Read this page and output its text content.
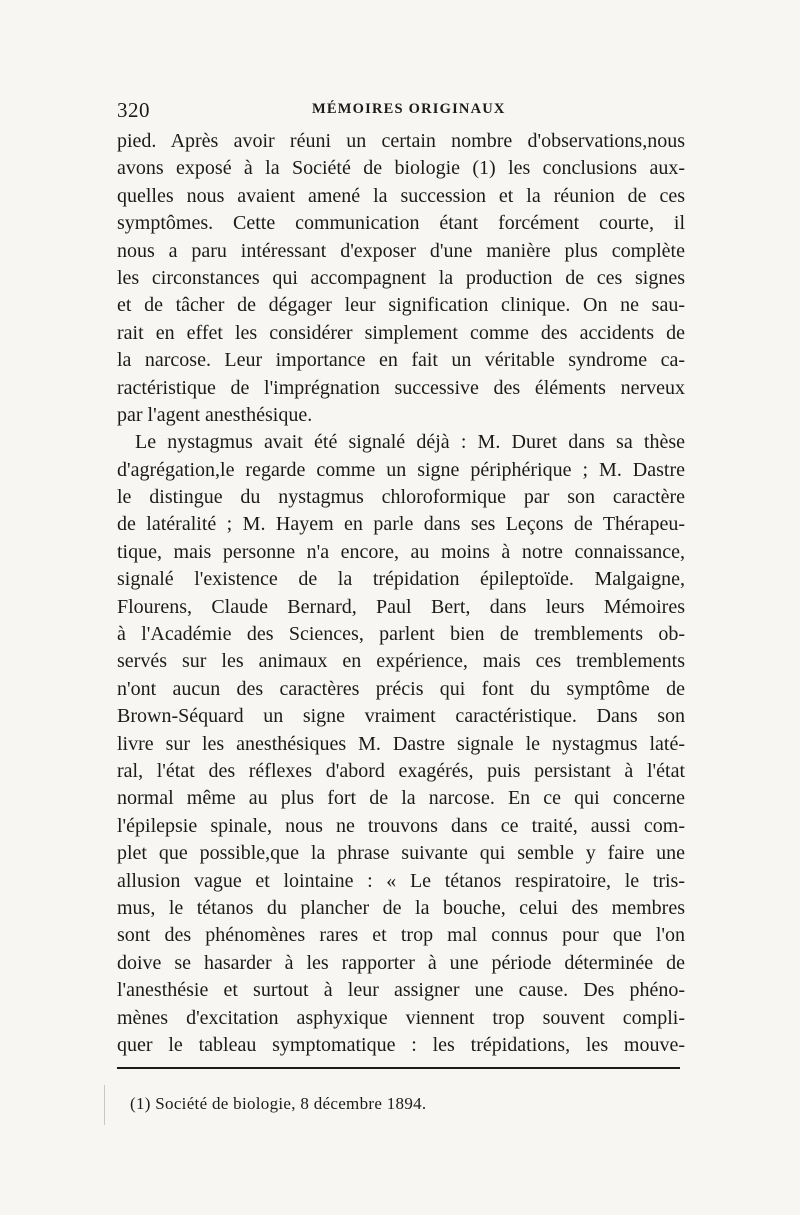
320	MÉMOIRES ORIGINAUX
pied. Après avoir réuni un certain nombre d'observations,nous
avons exposé à la Société de biologie (1) les conclusions aux-
quelles nous avaient amené la succession et la réunion de ces
symptômes. Cette communication étant forcément courte, il
nous a paru intéressant d'exposer d'une manière plus complète
les circonstances qui accompagnent la production de ces signes
et de tâcher de dégager leur signification clinique. On ne sau-
rait en effet les considérer simplement comme des accidents de
la narcose. Leur importance en fait un véritable syndrome ca-
ractéristique de l'imprégnation successive des éléments nerveux
par l'agent anesthésique.
Le nystagmus avait été signalé déjà : M. Duret dans sa thèse
d'agrégation,le regarde comme un signe périphérique ; M. Dastre
le distingue du nystagmus chloroformique par son caractère
de latéralité ; M. Hayem en parle dans ses Leçons de Thérapeu-
tique, mais personne n'a encore, au moins à notre connaissance,
signalé l'existence de la trépidation épileptoïde. Malgaigne,
Flourens, Claude Bernard, Paul Bert, dans leurs Mémoires
à l'Académie des Sciences, parlent bien de tremblements ob-
servés sur les animaux en expérience, mais ces tremblements
n'ont aucun des caractères précis qui font du symptôme de
Brown-Séquard un signe vraiment caractéristique. Dans son
livre sur les anesthésiques M. Dastre signale le nystagmus laté-
ral, l'état des réflexes d'abord exagérés, puis persistant à l'état
normal même au plus fort de la narcose. En ce qui concerne
l'épilepsie spinale, nous ne trouvons dans ce traité, aussi com-
plet que possible,que la phrase suivante qui semble y faire une
allusion vague et lointaine : « Le tétanos respiratoire, le tris-
mus, le tétanos du plancher de la bouche, celui des membres
sont des phénomènes rares et trop mal connus pour que l'on
doive se hasarder à les rapporter à une période déterminée de
l'anesthésie et surtout à leur assigner une cause. Des phéno-
mènes d'excitation asphyxique viennent trop souvent compli-
quer le tableau symptomatique : les trépidations, les mouve-
(1) Société de biologie, 8 décembre 1894.
